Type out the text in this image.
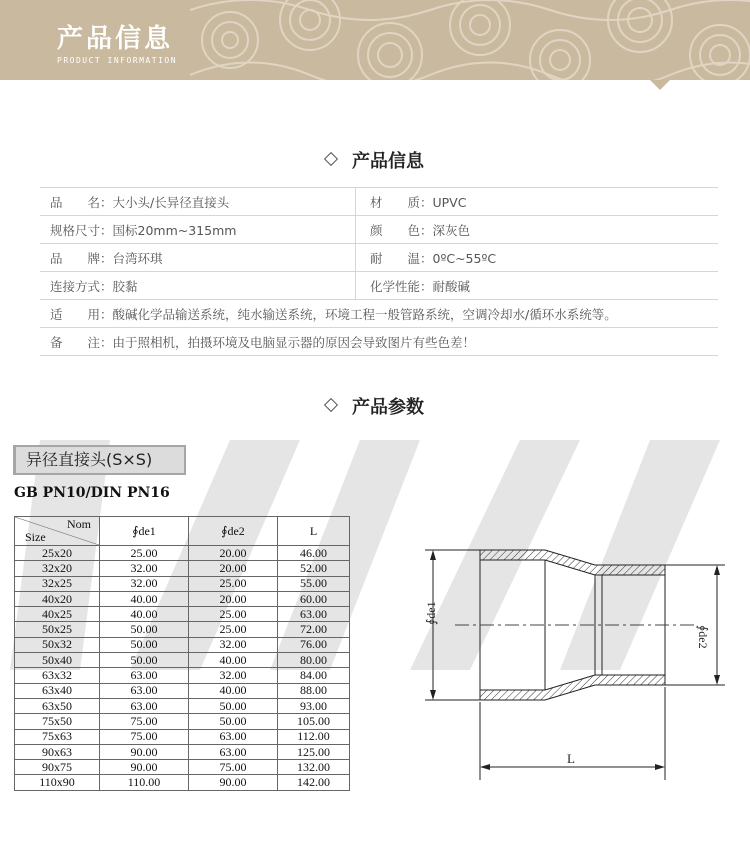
产品信息
PRODUCT INFORMATION
产品信息
品　　名：大小头/长异径直接头	材　　质：UPVC
规格尺寸：国标20mm~315mm	颜　　色：深灰色
品　　牌：台湾环琪	耐　　温：0ºC~55ºC
连接方式：胶黏	化学性能：耐酸碱
适　　用：酸碱化学品输送系统，纯水输送系统，环境工程一般管路系统，空调冷却水/循环水系统等。
备　　注：由于照相机，拍摄环境及电脑显示器的原因会导致图片有些色差！
产品参数
异径直接头(S×S)
GB PN10/DIN PN16
Nom
Size	∮de1	∮de2	L
25x20	25.00	20.00	46.00
32x20	32.00	20.00	52.00
32x25	32.00	25.00	55.00
40x20	40.00	20.00	60.00
40x25	40.00	25.00	63.00
50x25	50.00	25.00	72.00
50x32	50.00	32.00	76.00
50x40	50.00	40.00	80.00
63x32	63.00	32.00	84.00
63x40	63.00	40.00	88.00
63x50	63.00	50.00	93.00
75x50	75.00	50.00	105.00
75x63	75.00	63.00	112.00
90x63	90.00	63.00	125.00
90x75	90.00	75.00	132.00
110x90	110.00	90.00	142.00
∮de1
∮de2
L
